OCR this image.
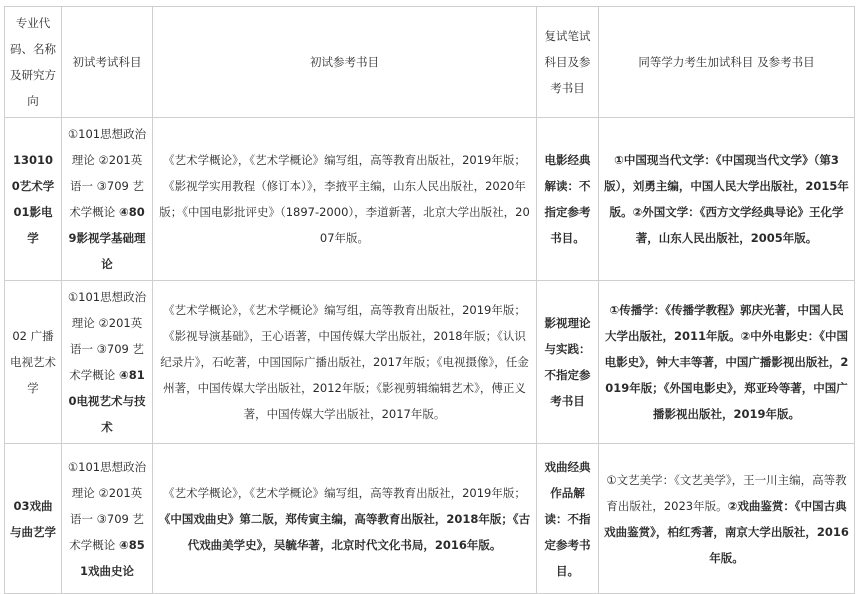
专业代码、名称及研究方向	初试考试科目	初试参考书目	复试笔试科目及参考书目	同等学力考生加试科目 及参考书目
130100艺术学01影电学	①101思想政治理论 ②201英语一 ③709 艺术学概论 ④809影视学基础理论	《艺术学概论》，《艺术学概论》编写组，高等教育出版社，2019年版；《影视学实用教程（修订本）》，李掖平主编，山东人民出版社，2020年版；《中国电影批评史》（1897-2000），李道新著，北京大学出版社，2007年版。	电影经典解读：不指定参考书目。	①中国现当代文学：《中国现当代文学》（第3版），刘勇主编，中国人民大学出版社，2015年版。②外国文学：《西方文学经典导论》王化学著，山东人民出版社，2005年版。
02 广播电视艺术学	①101思想政治理论 ②201英语一 ③709 艺术学概论 ④810电视艺术与技术	《艺术学概论》，《艺术学概论》编写组，高等教育出版社，2019年版；《影视导演基础》，王心语著，中国传媒大学出版社，2018年版；《认识纪录片》，石屹著，中国国际广播出版社，2017年版；《电视摄像》，任金州著，中国传媒大学出版社，2012年版；《影视剪辑编辑艺术》，傅正义著，中国传媒大学出版社，2017年版。	影视理论与实践：不指定参考书目	①传播学：《传播学教程》郭庆光著，中国人民大学出版社，2011年版。②中外电影史：《中国电影史》，钟大丰等著，中国广播影视出版社，2019年版；《外国电影史》，郑亚玲等著，中国广播影视出版社，2019年版。
03戏曲与曲艺学	①101思想政治理论 ②201英语一 ③709 艺术学概论 ④851戏曲史论	《艺术学概论》，《艺术学概论》编写组，高等教育出版社，2019年版；《中国戏曲史》第二版，郑传寅主编，高等教育出版社，2018年版；《古代戏曲美学史》，吴毓华著，北京时代文化书局，2016年版。	戏曲经典作品解读：不指定参考书目。	①文艺美学：《文艺美学》，王一川主编，高等教育出版社，2023年版。②戏曲鉴赏：《中国古典戏曲鉴赏》，柏红秀著，南京大学出版社，2016年版。
